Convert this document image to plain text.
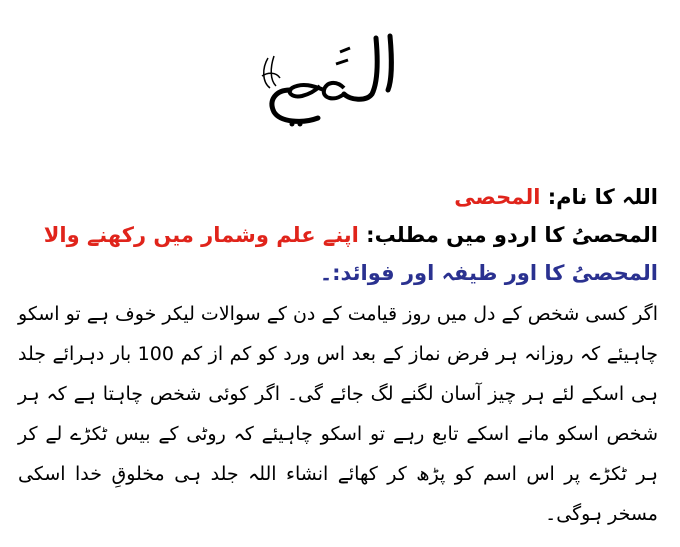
اللہ کا نام: المحصی
المحصیُ کا اردو میں مطلب: اپنے علم وشمار میں رکھنے والا
المحصیُ کا اور ظیفہ اور فوائد:۔
اگر کسی شخص کے دل میں روز قیامت کے دن کے سوالات لیکر خوف ہے تو اسکو چاہیئے کہ روزانہ ہر فرض نماز کے بعد اس ورد کو کم از کم 100 بار دہرائے جلد ہی اسکے لئے ہر چیز آسان لگنے لگ جائے گی۔ اگر کوئی شخص چاہتا ہے کہ ہر شخص اسکو مانے اسکے تابع رہے تو اسکو چاہیئے کہ روٹی کے بیس ٹکڑے لے کر ہر ٹکڑے پر اس اسم کو پڑھ کر کھائے انشاء اللہ جلد ہی مخلوقِ خدا اسکی مسخر ہوگی۔
